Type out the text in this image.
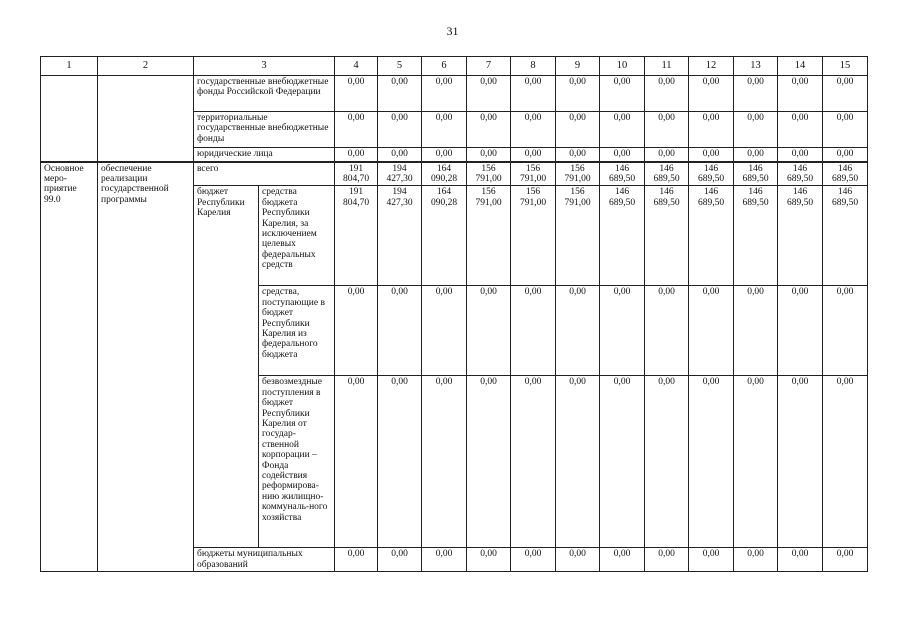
31
1	2	3		4	5	6	7	8	9	10	11	12	13	14	15
		государственные внебюджетные фонды Российской Федерации		0,00	0,00	0,00	0,00	0,00	0,00	0,00	0,00	0,00	0,00	0,00	0,00
		территориальные государственные внебюджетные фонды		0,00	0,00	0,00	0,00	0,00	0,00	0,00	0,00	0,00	0,00	0,00	0,00
		юридические лица		0,00	0,00	0,00	0,00	0,00	0,00	0,00	0,00	0,00	0,00	0,00	0,00
Основное меро-приятие 99.0	обеспечение реализации государственной программы	всего		191 804,70	194 427,30	164 090,28	156 791,00	156 791,00	156 791,00	146 689,50	146 689,50	146 689,50	146 689,50	146 689,50	146 689,50
		бюджет Республики Карелия	средства бюджета Республики Карелия, за исключением целевых федеральных средств	191 804,70	194 427,30	164 090,28	156 791,00	156 791,00	156 791,00	146 689,50	146 689,50	146 689,50	146 689,50	146 689,50	146 689,50
			средства, поступающие в бюджет Республики Карелия из федерального бюджета	0,00	0,00	0,00	0,00	0,00	0,00	0,00	0,00	0,00	0,00	0,00	0,00
			безвозмездные поступления в бюджет Республики Карелия от государ-ственной корпорации – Фонда содействия реформирова-нию жилищно-коммуналь-ного хозяйства	0,00	0,00	0,00	0,00	0,00	0,00	0,00	0,00	0,00	0,00	0,00	0,00
		бюджеты муниципальных образований		0,00	0,00	0,00	0,00	0,00	0,00	0,00	0,00	0,00	0,00	0,00	0,00
